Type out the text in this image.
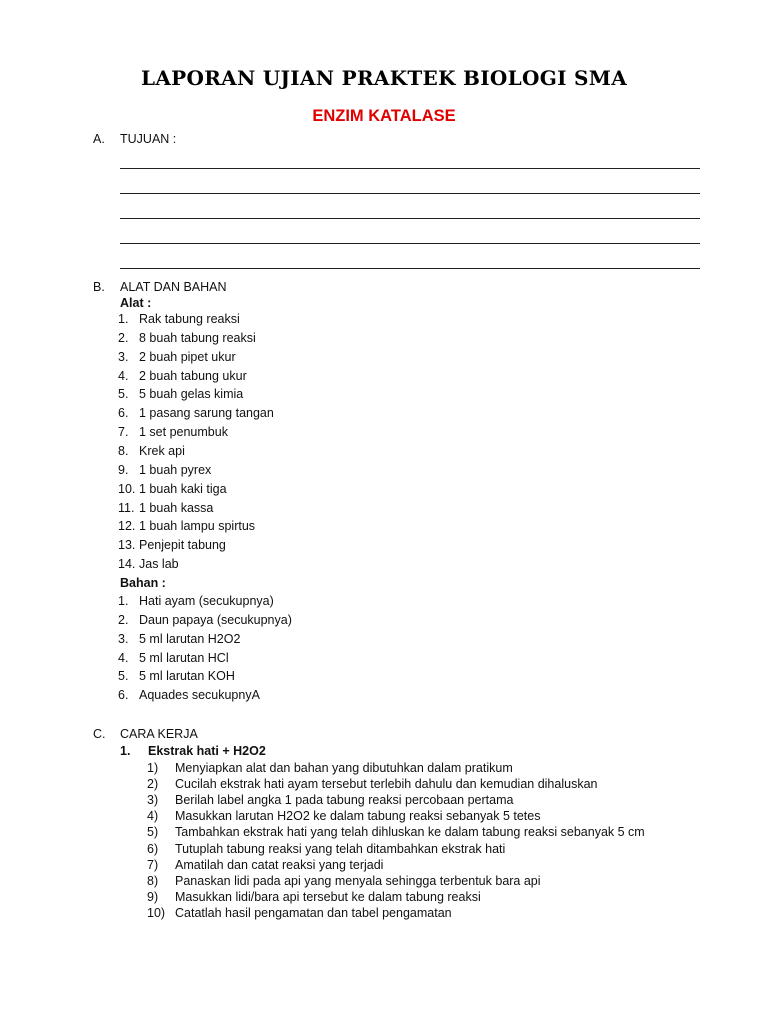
LAPORAN UJIAN PRAKTEK BIOLOGI SMA
ENZIM KATALASE
A. TUJUAN :
B. ALAT DAN BAHAN
Alat :
1. Rak tabung reaksi
2. 8 buah tabung reaksi
3. 2 buah pipet ukur
4. 2 buah tabung ukur
5. 5 buah gelas kimia
6. 1 pasang sarung tangan
7. 1 set penumbuk
8. Krek api
9. 1 buah pyrex
10. 1 buah kaki tiga
11. 1 buah kassa
12. 1 buah lampu spirtus
13. Penjepit tabung
14. Jas lab
Bahan :
1. Hati ayam (secukupnya)
2. Daun papaya (secukupnya)
3. 5 ml larutan H2O2
4. 5 ml larutan HCl
5. 5 ml larutan KOH
6. Aquades secukupnyA
C. CARA KERJA
1. Ekstrak hati + H2O2
1) Menyiapkan alat dan bahan yang dibutuhkan dalam pratikum
2) Cucilah ekstrak hati ayam tersebut terlebih dahulu dan kemudian dihaluskan
3) Berilah label angka 1 pada tabung reaksi percobaan pertama
4) Masukkan larutan H2O2 ke dalam tabung reaksi sebanyak 5 tetes
5) Tambahkan ekstrak hati yang telah dihluskan ke dalam tabung reaksi sebanyak 5 cm
6) Tutuplah tabung reaksi yang telah ditambahkan ekstrak hati
7) Amatilah dan catat reaksi yang terjadi
8) Panaskan lidi pada api yang menyala sehingga terbentuk bara api
9) Masukkan lidi/bara api tersebut ke dalam tabung reaksi
10) Catatlah hasil pengamatan dan tabel pengamatan
